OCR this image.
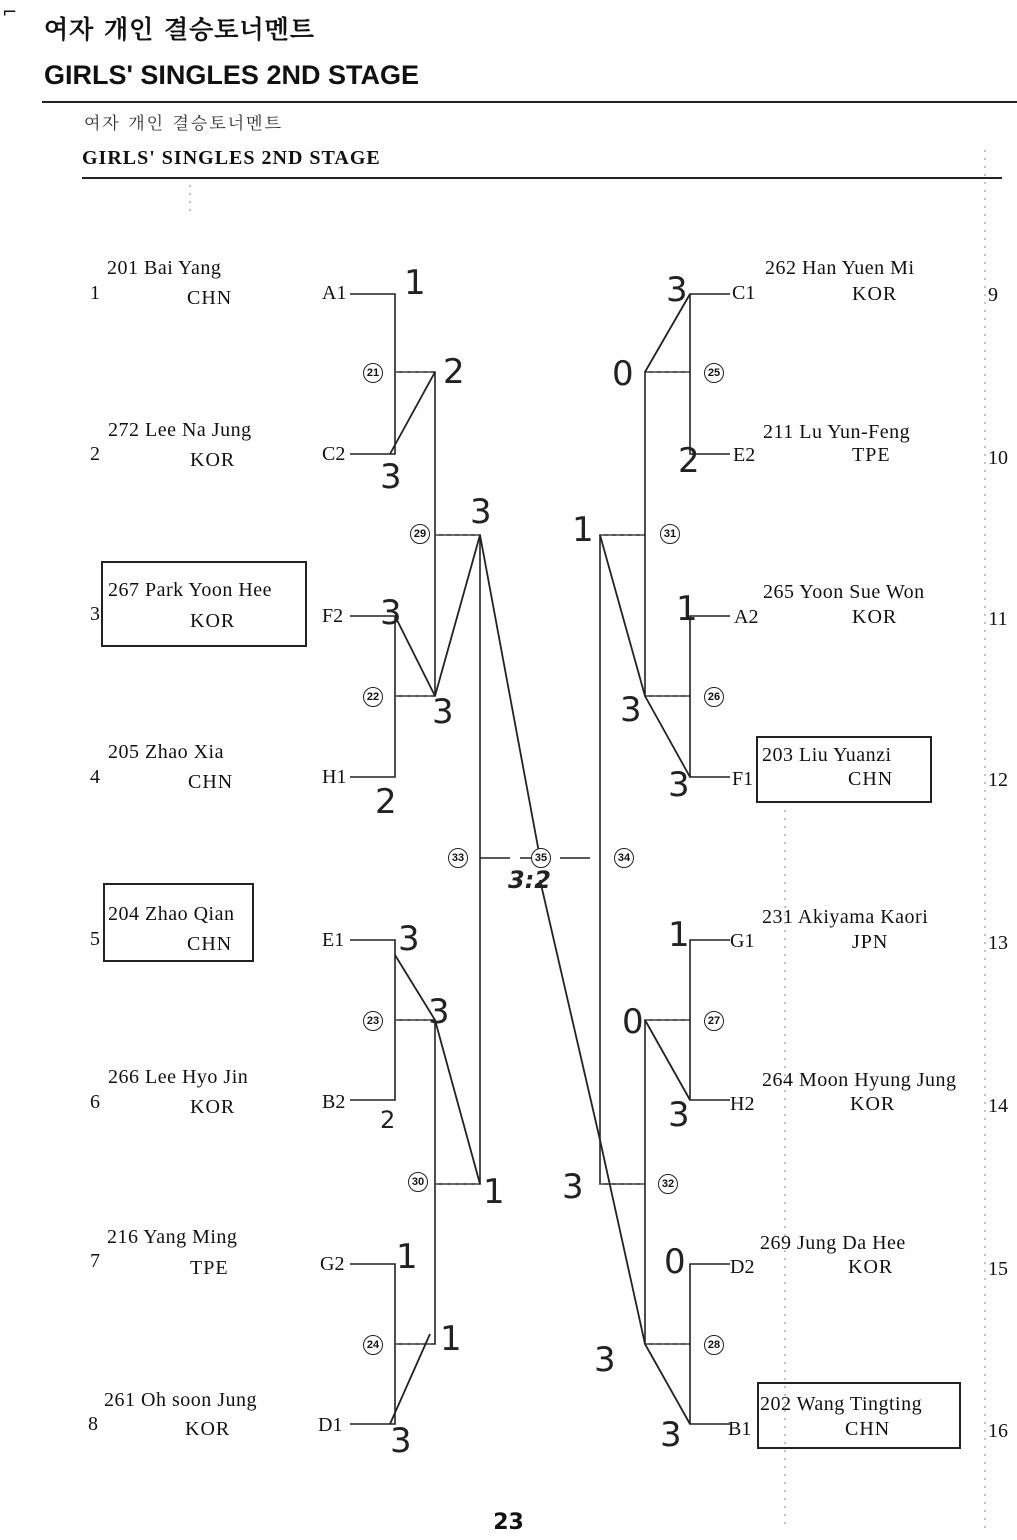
⌐
여자 개인 결승토너멘트
GIRLS' SINGLES 2ND STAGE
여자 개인 결승토너멘트
GIRLS' SINGLES 2ND STAGE
1
201 Bai Yang
CHN	A1
2
272 Lee Na Jung
KOR	C2
3
267 Park Yoon Hee
KOR	F2
4
205 Zhao Xia
CHN	H1
5
204 Zhao Qian
CHN	E1
6
266 Lee Hyo Jin
KOR	B2
7
216 Yang Ming
TPE	G2
8
261 Oh soon Jung
KOR	D1
C1
262 Han Yuen Mi
KOR	9
E2
211 Lu Yun-Feng
TPE	10
A2
265 Yoon Sue Won
KOR	11
F1
203 Liu Yuanzi
CHN	12
G1
231 Akiyama Kaori
JPN	13
H2
264 Moon Hyung Jung
KOR	14
D2
269 Jung Da Hee
KOR	15
B1
202 Wang Tingting
CHN	16
21
22
23
24
25
26
27
28
29
30
31
32
33	34
35
1
3
2
3
2
3
3
3
2
3
1
3
1
1
3:2
3
2
0
1
3
3
1
1
3
0
0
3
3
3
23
